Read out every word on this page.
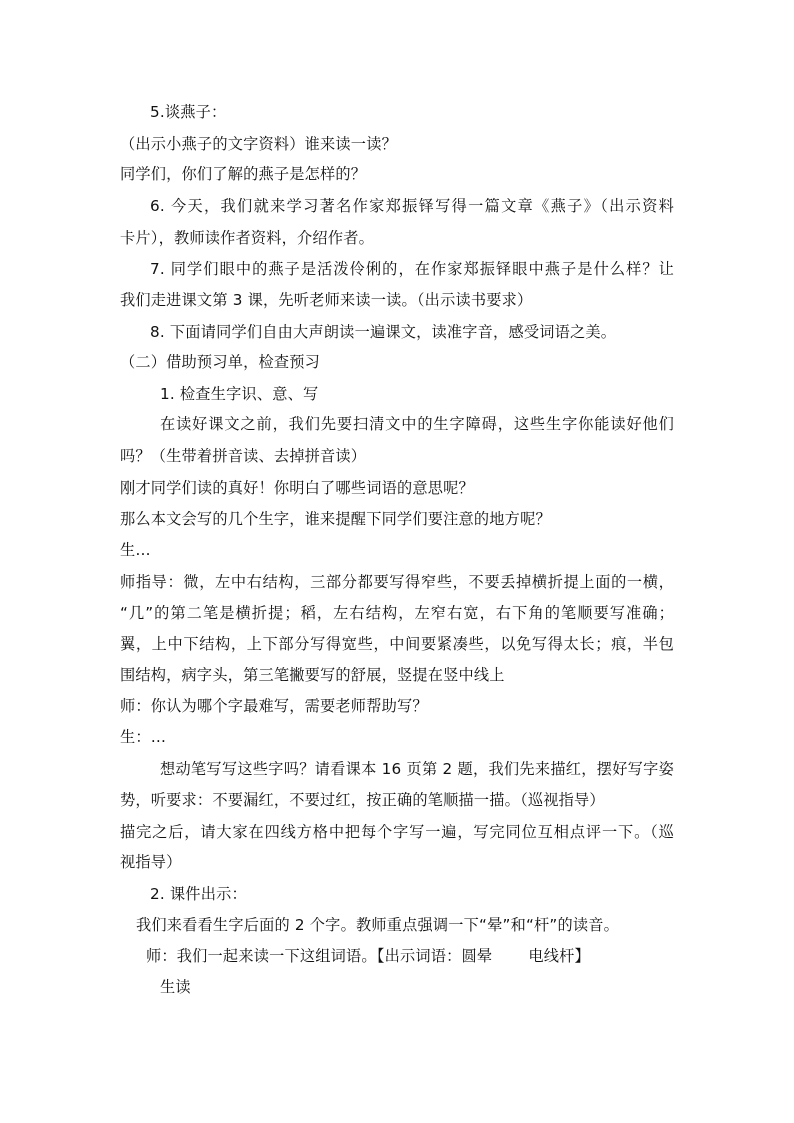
5.谈燕子：
（出示小燕子的文字资料）谁来读一读？
同学们，你们了解的燕子是怎样的？
6. 今天，我们就来学习著名作家郑振铎写得一篇文章《燕子》（出示资料
卡片），教师读作者资料，介绍作者。
7. 同学们眼中的燕子是活泼伶俐的，在作家郑振铎眼中燕子是什么样？让
我们走进课文第 3 课，先听老师来读一读。（出示读书要求）
8. 下面请同学们自由大声朗读一遍课文，读准字音，感受词语之美。
（二）借助预习单，检查预习
1. 检查生字识、意、写
在读好课文之前，我们先要扫清文中的生字障碍，这些生字你能读好他们
吗？（生带着拼音读、去掉拼音读）
刚才同学们读的真好！你明白了哪些词语的意思呢？
那么本文会写的几个生字，谁来提醒下同学们要注意的地方呢？
生…
师指导：微，左中右结构，三部分都要写得窄些，不要丢掉横折提上面的一横，
“几”的第二笔是横折提；稻，左右结构，左窄右宽，右下角的笔顺要写准确；
翼，上中下结构，上下部分写得宽些，中间要紧凑些，以免写得太长；痕，半包
围结构，病字头，第三笔撇要写的舒展，竖提在竖中线上
师：你认为哪个字最难写，需要老师帮助写？
生：…
想动笔写写这些字吗？请看课本 16 页第 2 题，我们先来描红，摆好写字姿
势，听要求：不要漏红，不要过红，按正确的笔顺描一描。（巡视指导）
描完之后，请大家在四线方格中把每个字写一遍，写完同位互相点评一下。（巡
视指导）
2. 课件出示：
我们来看看生字后面的 2 个字。教师重点强调一下“晕”和“杆”的读音。
师：我们一起来读一下这组词语。【出示词语：圆晕 电线杆】
生读
